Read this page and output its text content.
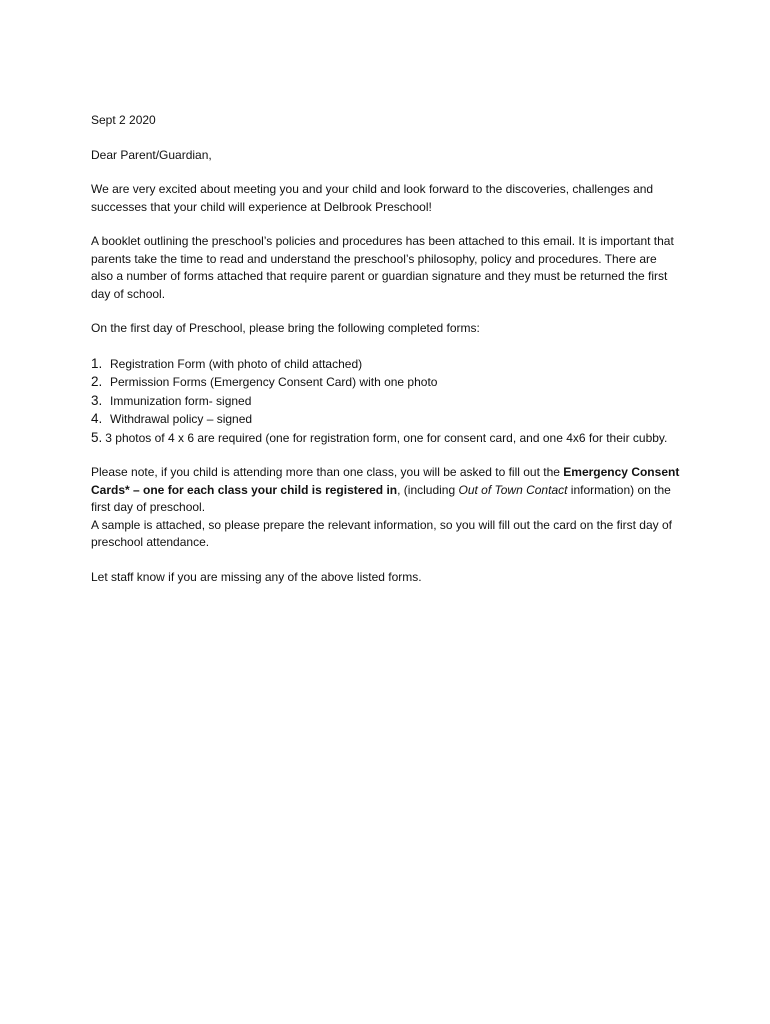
Sept 2 2020

Dear Parent/Guardian,

We are very excited about meeting you and your child and look forward to the discoveries, challenges and successes that your child will experience at Delbrook Preschool!

A booklet outlining the preschool’s policies and procedures has been attached to this email. It is important that parents take the time to read and understand the preschool’s philosophy, policy and procedures. There are also a number of forms attached that require parent or guardian signature and they must be returned the first day of school.

On the first day of Preschool, please bring the following completed forms:

1. Registration Form (with photo of child attached)
2. Permission Forms (Emergency Consent Card) with one photo
3. Immunization form- signed
4. Withdrawal policy – signed
5. 3 photos of 4 x 6 are required (one for registration form, one for consent card, and one 4x6 for their cubby.

Please note, if you child is attending more than one class, you will be asked to fill out the Emergency Consent Cards* – one for each class your child is registered in, (including Out of Town Contact information) on the first day of preschool.

A sample is attached, so please prepare the relevant information, so you will fill out the card on the first day of preschool attendance.

Let staff know if you are missing any of the above listed forms.
